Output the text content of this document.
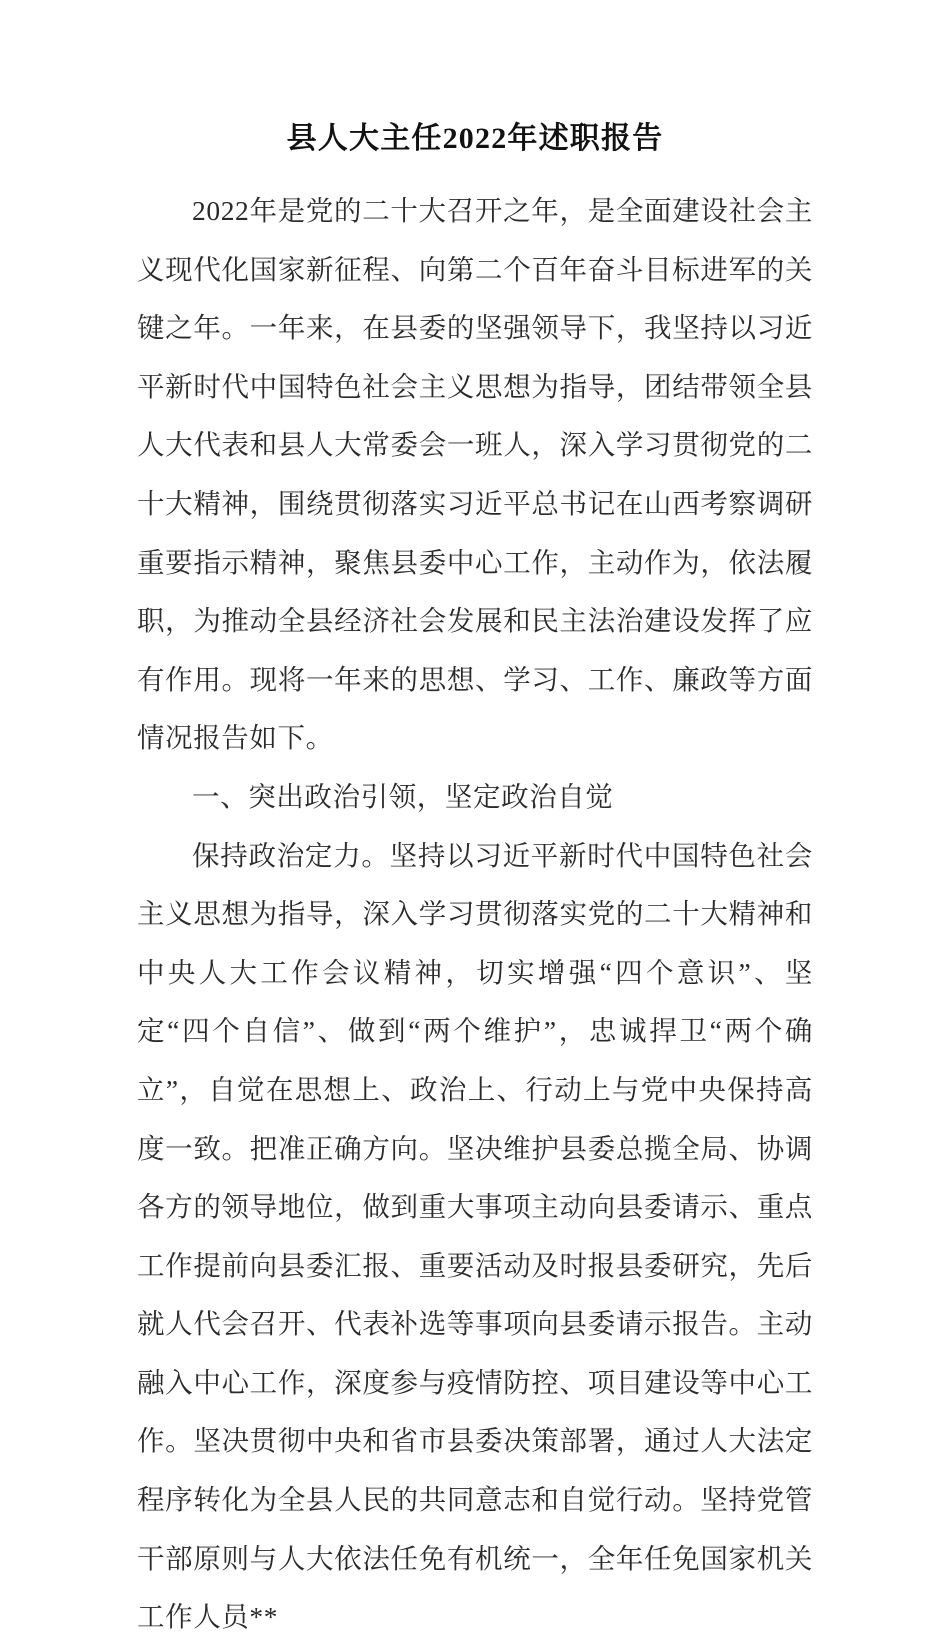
县人大主任2022年述职报告

2022年是党的二十大召开之年，是全面建设社会主义现代化国家新征程、向第二个百年奋斗目标进军的关键之年。一年来，在县委的坚强领导下，我坚持以习近平新时代中国特色社会主义思想为指导，团结带领全县人大代表和县人大常委会一班人，深入学习贯彻党的二十大精神，围绕贯彻落实习近平总书记在山西考察调研重要指示精神，聚焦县委中心工作，主动作为，依法履职，为推动全县经济社会发展和民主法治建设发挥了应有作用。现将一年来的思想、学习、工作、廉政等方面情况报告如下。

一、突出政治引领，坚定政治自觉

保持政治定力。坚持以习近平新时代中国特色社会主义思想为指导，深入学习贯彻落实党的二十大精神和中央人大工作会议精神，切实增强“四个意识”、坚定“四个自信”、做到“两个维护”，忠诚捍卫“两个确立”，自觉在思想上、政治上、行动上与党中央保持高度一致。把准正确方向。坚决维护县委总揽全局、协调各方的领导地位，做到重大事项主动向县委请示、重点工作提前向县委汇报、重要活动及时报县委研究，先后就人代会召开、代表补选等事项向县委请示报告。主动融入中心工作，深度参与疫情防控、项目建设等中心工作。坚决贯彻中央和省市县委决策部署，通过人大法定程序转化为全县人民的共同意志和自觉行动。坚持党管干部原则与人大依法任免有机统一，全年任免国家机关工作人员**
